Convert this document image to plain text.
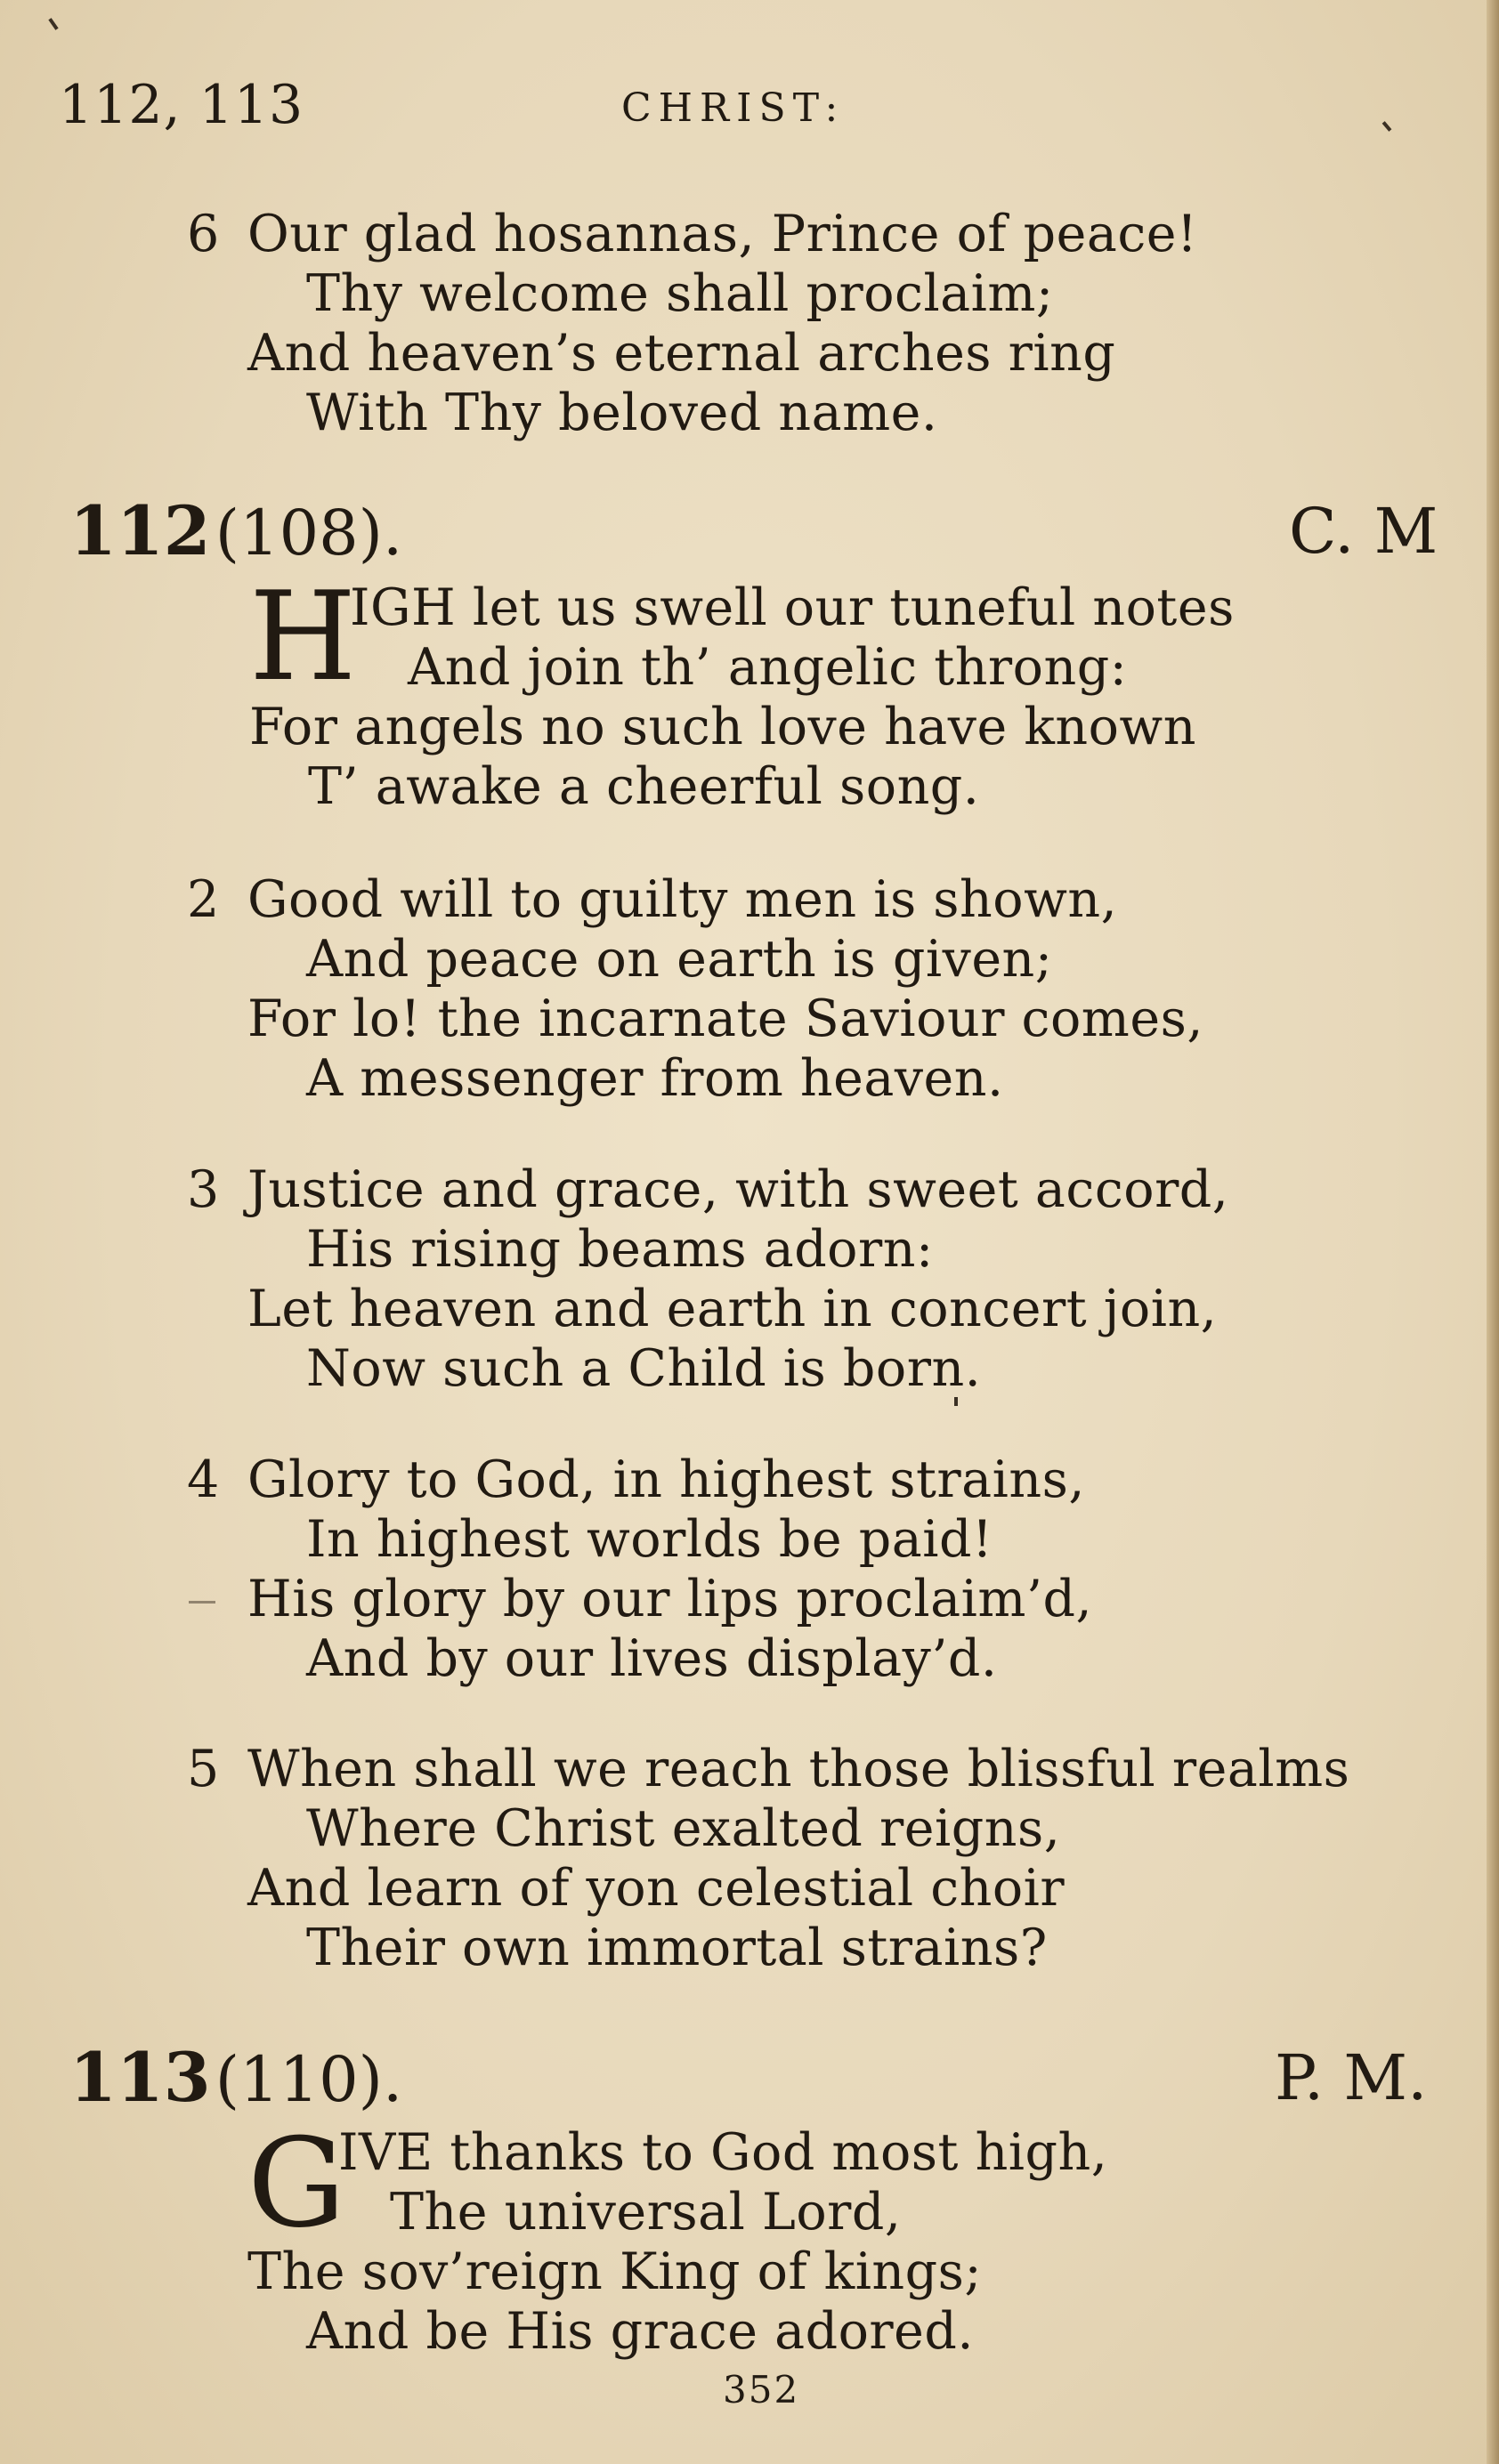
112, 113	CHRIST:
6 Our glad hosannas, Prince of peace!
Thy welcome shall proclaim;
And heaven’s eternal arches ring
With Thy beloved name.
112 (108).	C. M
H
IGH let us swell our tuneful notes
And join th’ angelic throng:
For angels no such love have known
T’ awake a cheerful song.
2 Good will to guilty men is shown,
And peace on earth is given;
For lo! the incarnate Saviour comes,
A messenger from heaven.
3 Justice and grace, with sweet accord,
His rising beams adorn:
Let heaven and earth in concert join,
Now such a Child is born.
4 Glory to God, in highest strains,
In highest worlds be paid!
His glory by our lips proclaim’d,
And by our lives display’d.
5 When shall we reach those blissful realms
Where Christ exalted reigns,
And learn of yon celestial choir
Their own immortal strains?
113 (110).	P. M.
G
IVE thanks to God most high,
The universal Lord,
The sov’reign King of kings;
And be His grace adored.
352
